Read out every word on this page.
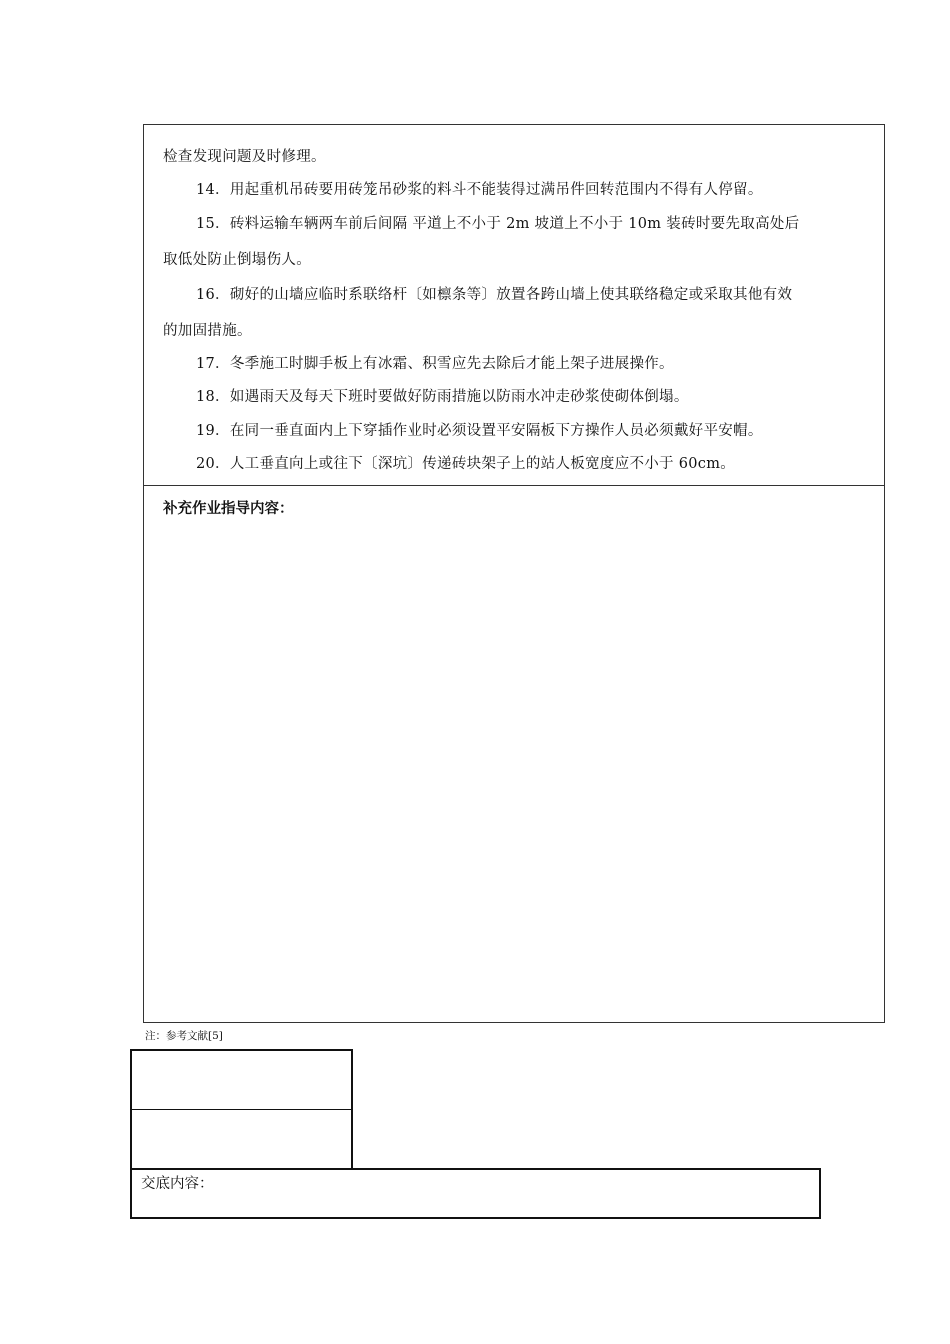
检查发现问题及时修理。
14．用起重机吊砖要用砖笼吊砂浆的料斗不能装得过满吊件回转范围内不得有人停留。
15．砖料运输车辆两车前后间隔 平道上不小于 2m 坡道上不小于 10m 装砖时要先取高处后
取低处防止倒塌伤人。
16．砌好的山墙应临时系联络杆〔如檩条等〕放置各跨山墙上使其联络稳定或采取其他有效
的加固措施。
17．冬季施工时脚手板上有冰霜、积雪应先去除后才能上架子进展操作。
18．如遇雨天及每天下班时要做好防雨措施以防雨水冲走砂浆使砌体倒塌。
19．在同一垂直面内上下穿插作业时必须设置平安隔板下方操作人员必须戴好平安帽。
20．人工垂直向上或往下〔深坑〕传递砖块架子上的站人板宽度应不小于 60cm。
补充作业指导内容：
注：参考文献[5]
交底内容：
